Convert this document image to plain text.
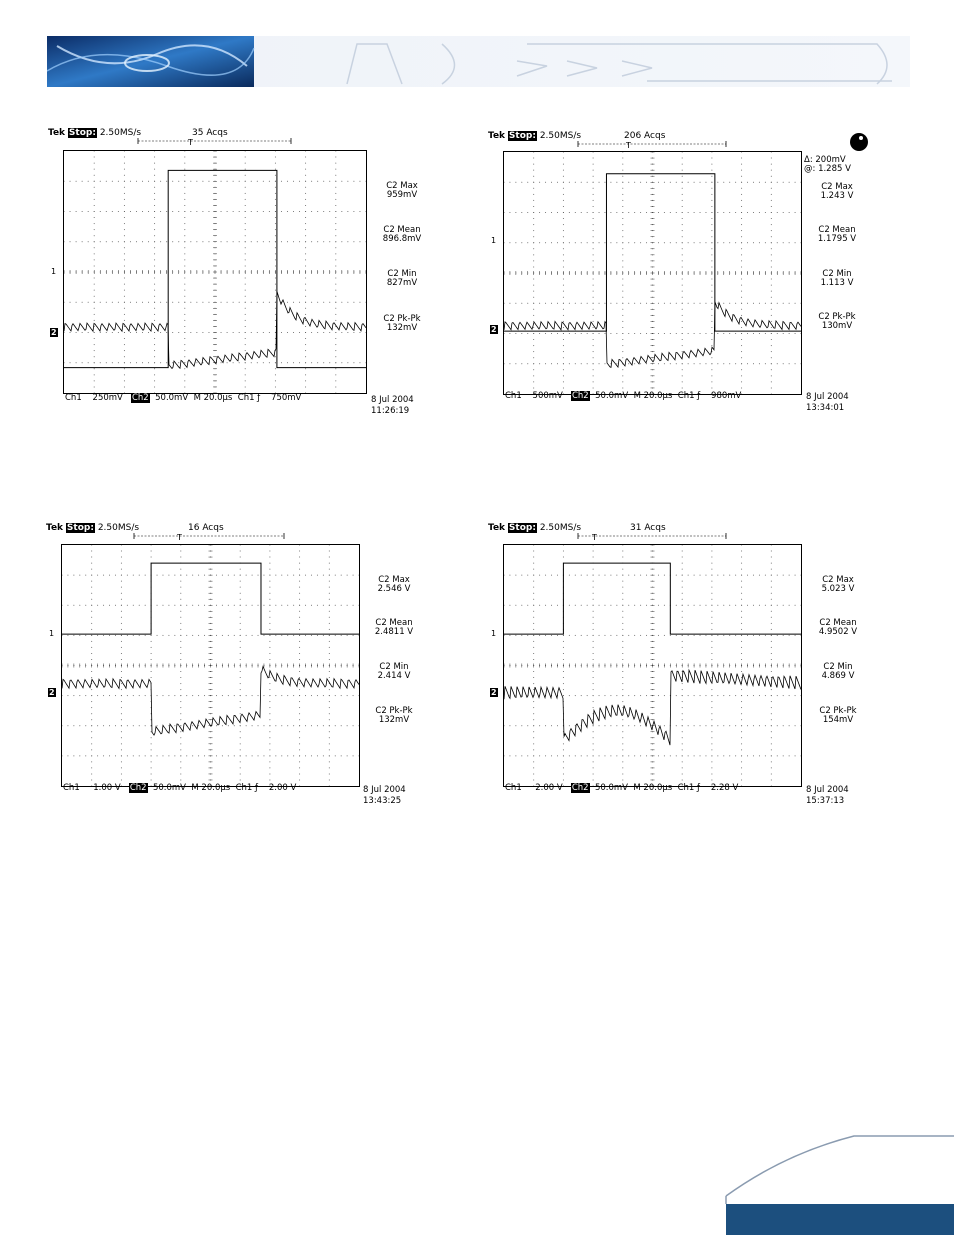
Tek Stop: 2.50MS/s	35 Acqs
T
1
2
C2 Max
959mV
C2 Mean
896.8mV
C2 Min
827mV
C2 Pk-Pk
132mV
Ch1 250mV Ch2 50.0mV M 20.0µs Ch1 ƒ 750mV	8 Jul 2004
11:26:19
Tek Stop: 2.50MS/s	206 Acqs
T
Δ: 200mV
@: 1.285 V
1
2
C2 Max
1.243 V
C2 Mean
1.1795 V
C2 Min
1.113 V
C2 Pk-Pk
130mV
Ch1 500mV Ch2 50.0mV M 20.0µs Ch1 ƒ 980mV	8 Jul 2004
13:34:01
Tek Stop: 2.50MS/s	16 Acqs
T
1
2
C2 Max
2.546 V
C2 Mean
2.4811 V
C2 Min
2.414 V
C2 Pk-Pk
132mV
Ch1 1.00 V Ch2 50.0mV M 20.0µs Ch1 ƒ 2.00 V	8 Jul 2004
13:43:25
Tek Stop: 2.50MS/s	31 Acqs
T
1
2
C2 Max
5.023 V
C2 Mean
4.9502 V
C2 Min
4.869 V
C2 Pk-Pk
154mV
Ch1 2.00 V Ch2 50.0mV M 20.0µs Ch1 ƒ 2.28 V	8 Jul 2004
15:37:13
